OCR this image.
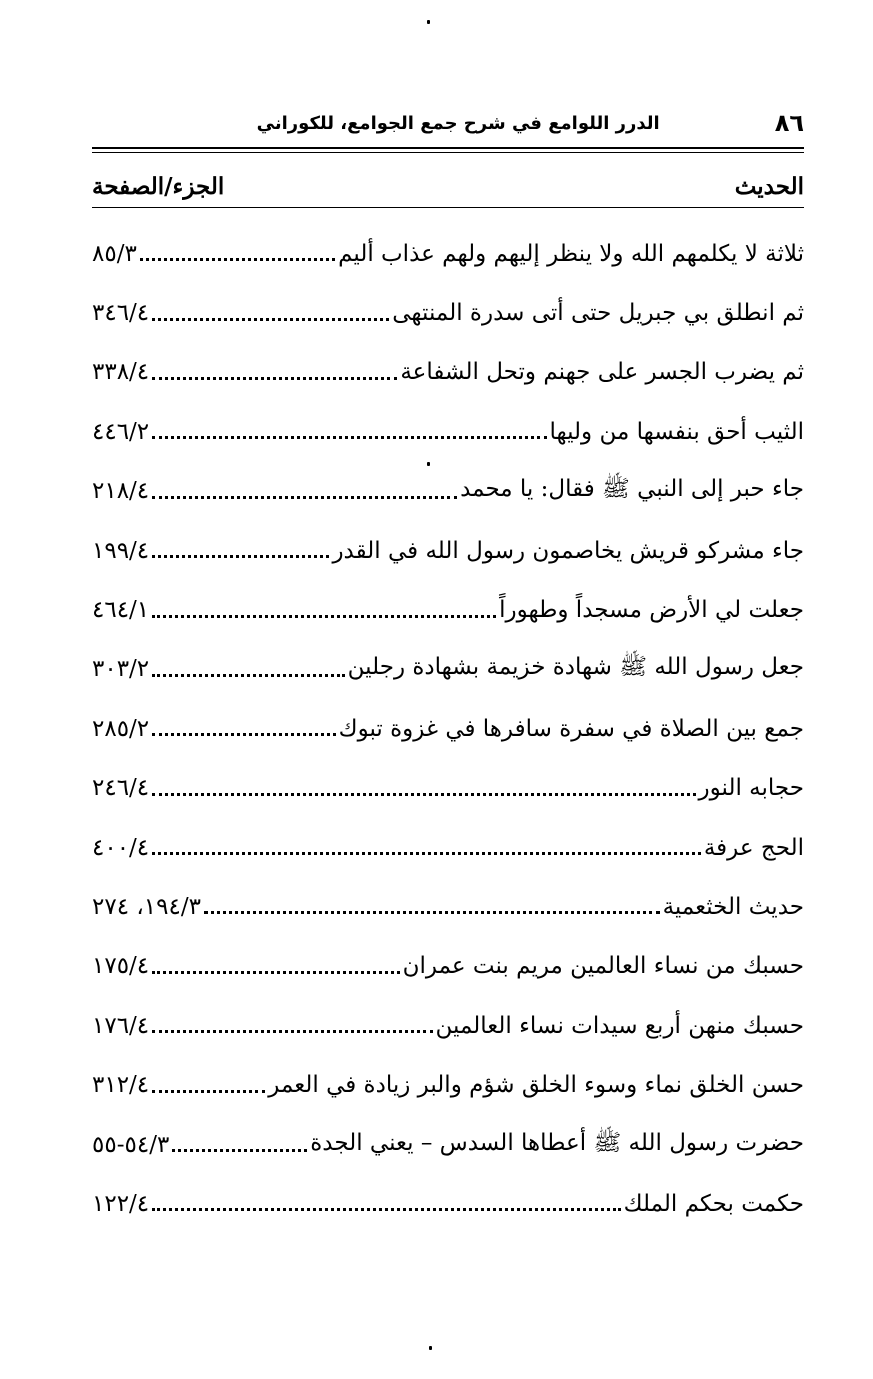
٨٦
الدرر اللوامع في شرح جمع الجوامع، للكوراني
الحديث
الجزء/الصفحة
ثلاثة لا يكلمهم الله ولا ينظر إليهم ولهم عذاب أليم
٨٥/٣
ثم انطلق بي جبريل حتى أتى سدرة المنتهى
٣٤٦/٤
ثم يضرب الجسر على جهنم وتحل الشفاعة
٣٣٨/٤
الثيب أحق بنفسها من وليها
٤٤٦/٢
جاء حبر إلى النبي ﷺ فقال: يا محمد
٢١٨/٤
جاء مشركو قريش يخاصمون رسول الله في القدر
١٩٩/٤
جعلت لي الأرض مسجداً وطهوراً
٤٦٤/١
جعل رسول الله ﷺ شهادة خزيمة بشهادة رجلين
٣٠٣/٢
جمع بين الصلاة في سفرة سافرها في غزوة تبوك
٢٨٥/٢
حجابه النور
٢٤٦/٤
الحج عرفة
٤٠٠/٤
حديث الخثعمية
١٩٤/٣، ٢٧٤
حسبك من نساء العالمين مريم بنت عمران
١٧٥/٤
حسبك منهن أربع سيدات نساء العالمين
١٧٦/٤
حسن الخلق نماء وسوء الخلق شؤم والبر زيادة في العمر
٣١٢/٤
حضرت رسول الله ﷺ أعطاها السدس – يعني الجدة
٥٤/٣-٥٥
حكمت بحكم الملك
١٢٢/٤
